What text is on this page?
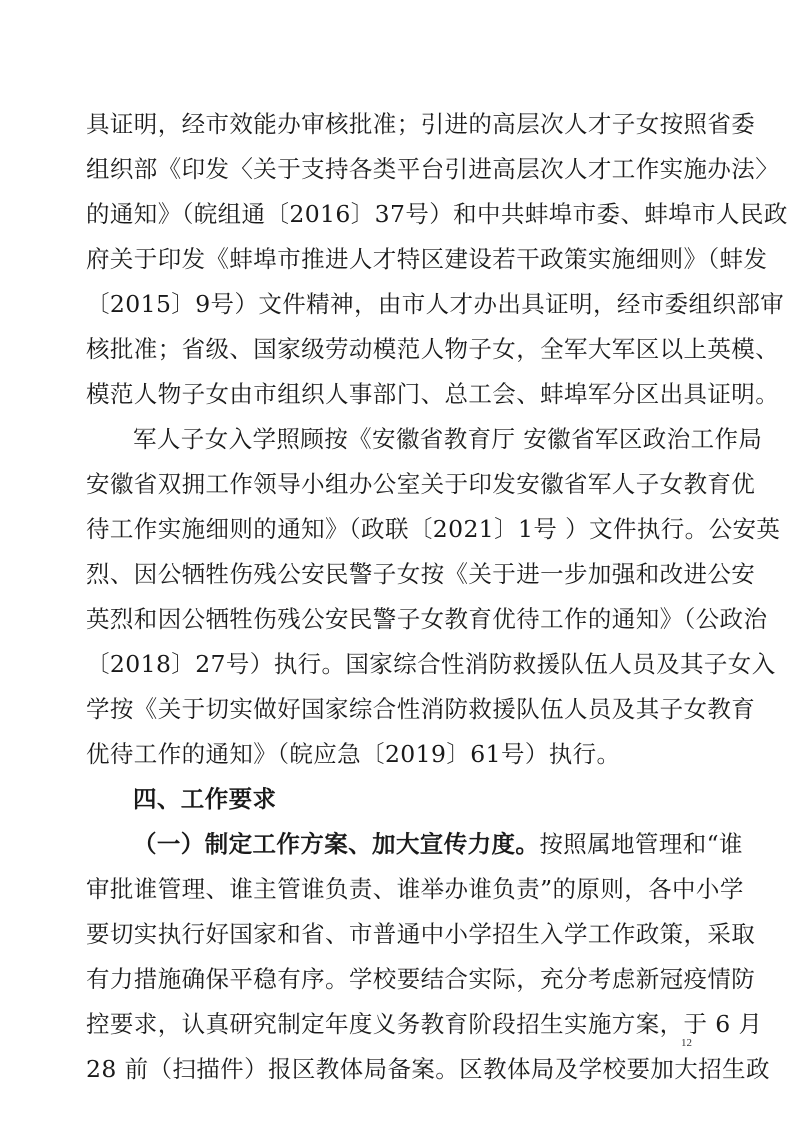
具证明，经市效能办审核批准；引进的高层次人才子女按照省委
组织部《印发〈关于支持各类平台引进高层次人才工作实施办法〉
的通知》（皖组通〔2016〕37号）和中共蚌埠市委、蚌埠市人民政
府关于印发《蚌埠市推进人才特区建设若干政策实施细则》（蚌发
〔2015〕9号）文件精神，由市人才办出具证明，经市委组织部审
核批准；省级、国家级劳动模范人物子女，全军大军区以上英模、
模范人物子女由市组织人事部门、总工会、蚌埠军分区出具证明。
军人子女入学照顾按《安徽省教育厅 安徽省军区政治工作局
安徽省双拥工作领导小组办公室关于印发安徽省军人子女教育优
待工作实施细则的通知》（政联〔2021〕1号 ）文件执行。公安英
烈、因公牺牲伤残公安民警子女按《关于进一步加强和改进公安
英烈和因公牺牲伤残公安民警子女教育优待工作的通知》（公政治
〔2018〕27号）执行。国家综合性消防救援队伍人员及其子女入
学按《关于切实做好国家综合性消防救援队伍人员及其子女教育
优待工作的通知》（皖应急〔2019〕61号）执行。
四、工作要求
（一）制定工作方案、加大宣传力度。按照属地管理和“谁
审批谁管理、谁主管谁负责、谁举办谁负责”的原则，各中小学
要切实执行好国家和省、市普通中小学招生入学工作政策，采取
有力措施确保平稳有序。学校要结合实际，充分考虑新冠疫情防
控要求，认真研究制定年度义务教育阶段招生实施方案，于 6 月
28 前（扫描件）报区教体局备案。区教体局及学校要加大招生政
12
